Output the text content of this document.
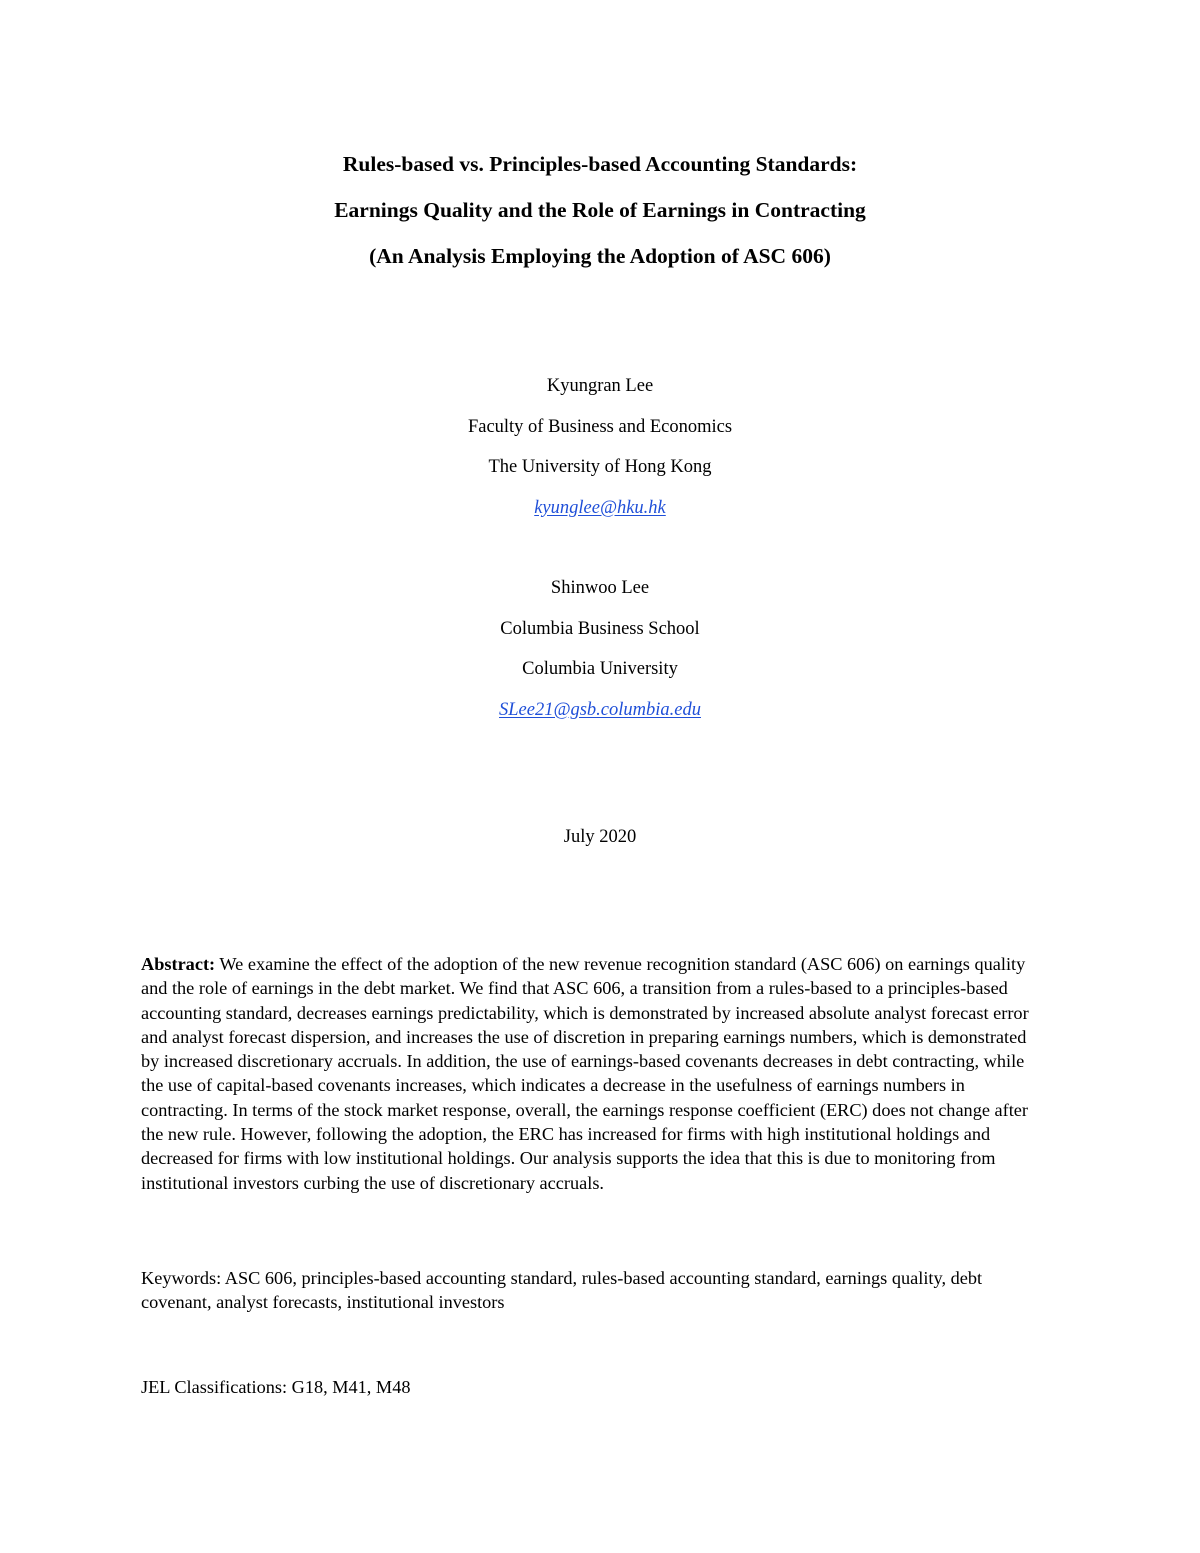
Rules-based vs. Principles-based Accounting Standards:
Earnings Quality and the Role of Earnings in Contracting
(An Analysis Employing the Adoption of ASC 606)
Kyungran Lee
Faculty of Business and Economics
The University of Hong Kong
kyunglee@hku.hk
Shinwoo Lee
Columbia Business School
Columbia University
SLee21@gsb.columbia.edu
July 2020
Abstract: We examine the effect of the adoption of the new revenue recognition standard (ASC 606) on earnings quality and the role of earnings in the debt market. We find that ASC 606, a transition from a rules-based to a principles-based accounting standard, decreases earnings predictability, which is demonstrated by increased absolute analyst forecast error and analyst forecast dispersion, and increases the use of discretion in preparing earnings numbers, which is demonstrated by increased discretionary accruals. In addition, the use of earnings-based covenants decreases in debt contracting, while the use of capital-based covenants increases, which indicates a decrease in the usefulness of earnings numbers in contracting. In terms of the stock market response, overall, the earnings response coefficient (ERC) does not change after the new rule. However, following the adoption, the ERC has increased for firms with high institutional holdings and decreased for firms with low institutional holdings. Our analysis supports the idea that this is due to monitoring from institutional investors curbing the use of discretionary accruals.
Keywords: ASC 606, principles-based accounting standard, rules-based accounting standard, earnings quality, debt covenant, analyst forecasts, institutional investors
JEL Classifications: G18, M41, M48
